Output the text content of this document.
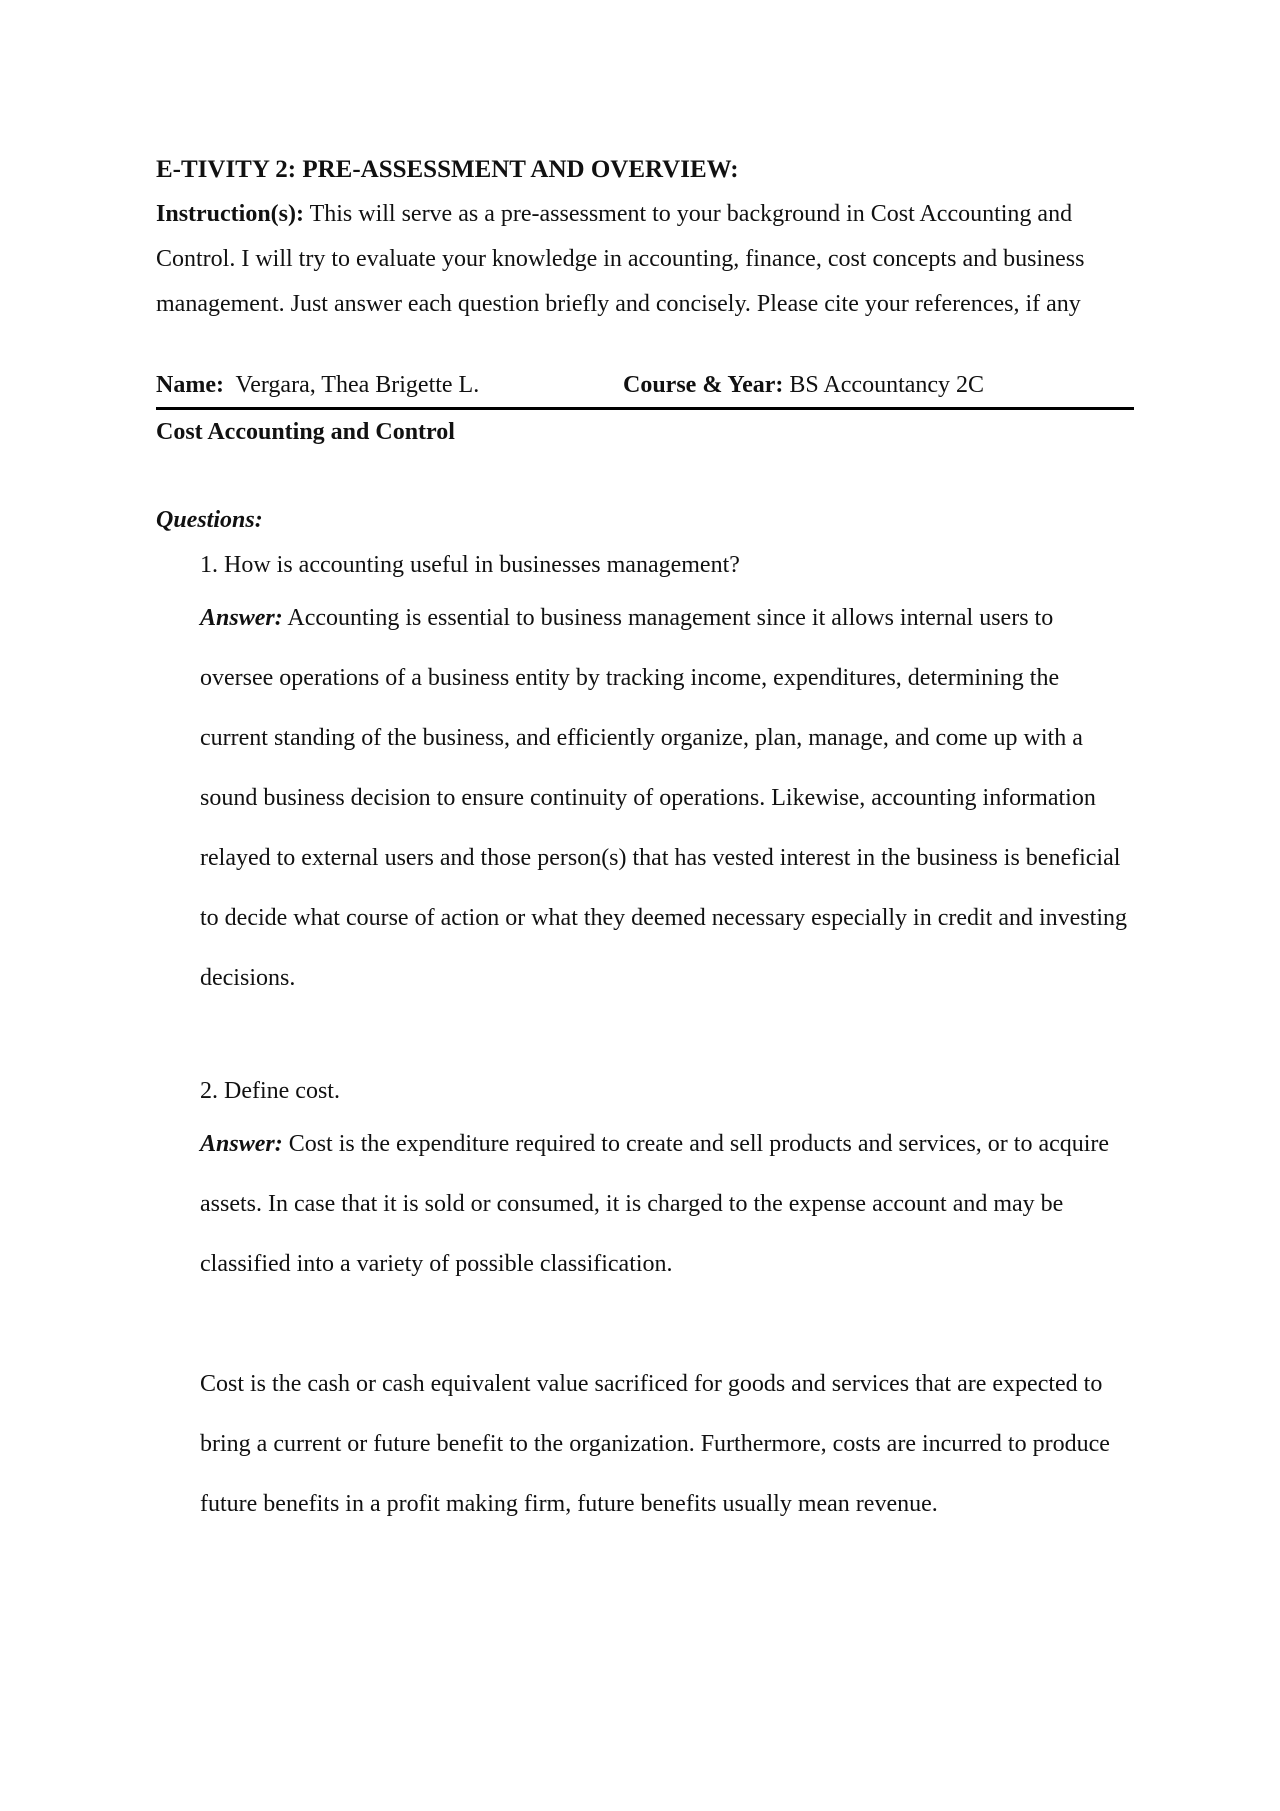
E-TIVITY 2: PRE-ASSESSMENT AND OVERVIEW:

Instruction(s): This will serve as a pre-assessment to your background in Cost Accounting and Control. I will try to evaluate your knowledge in accounting, finance, cost concepts and business management. Just answer each question briefly and concisely. Please cite your references, if any

Name:  Vergara, Thea Brigette L.	Course & Year: BS Accountancy 2C

Cost Accounting and Control

Questions:

1. How is accounting useful in businesses management?

Answer: Accounting is essential to business management since it allows internal users to oversee operations of a business entity by tracking income, expenditures, determining the current standing of the business, and efficiently organize, plan, manage, and come up with a sound business decision to ensure continuity of operations. Likewise, accounting information relayed to external users and those person(s) that has vested interest in the business is beneficial to decide what course of action or what they deemed necessary especially in credit and investing decisions.

2. Define cost.

Answer: Cost is the expenditure required to create and sell products and services, or to acquire assets. In case that it is sold or consumed, it is charged to the expense account and may be classified into a variety of possible classification.

Cost is the cash or cash equivalent value sacrificed for goods and services that are expected to bring a current or future benefit to the organization. Furthermore, costs are incurred to produce future benefits in a profit making firm, future benefits usually mean revenue.
